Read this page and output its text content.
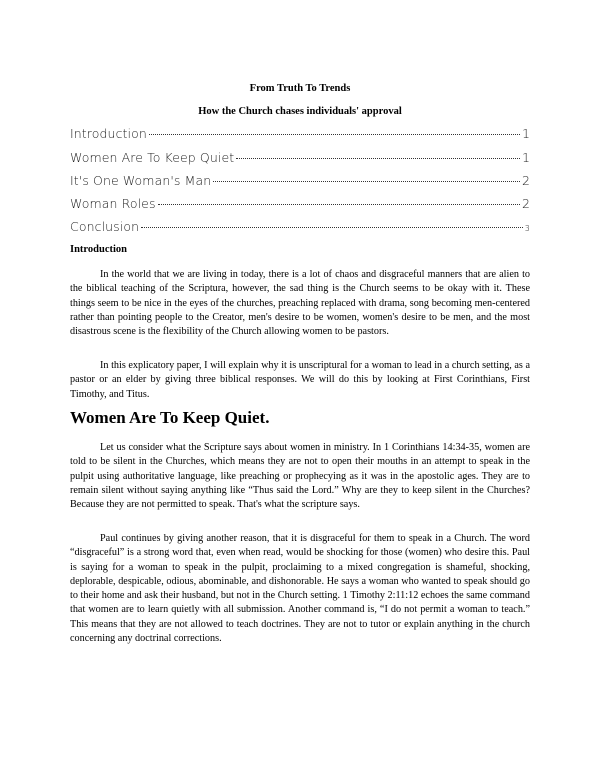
From Truth To Trends

How the Church chases individuals' approval

Introduction	1
Women Are To Keep Quiet	1
It's One Woman's Man	2
Woman Roles	2
Conclusion	3
Introduction

In the world that we are living in today, there is a lot of chaos and disgraceful manners that are alien to the biblical teaching of the Scriptura, however, the sad thing is the Church seems to be okay with it. These things seem to be nice in the eyes of the churches, preaching replaced with drama, song becoming men-centered rather than pointing people to the Creator, men's desire to be women, women's desire to be men, and the most disastrous scene is the flexibility of the Church allowing women to be pastors.

In this explicatory paper, I will explain why it is unscriptural for a woman to lead in a church setting, as a pastor or an elder by giving three biblical responses. We will do this by looking at First Corinthians, First Timothy, and Titus.

Women Are To Keep Quiet.

Let us consider what the Scripture says about women in ministry. In 1 Corinthians 14:34-35, women are told to be silent in the Churches, which means they are not to open their mouths in an attempt to speak in the pulpit using authoritative language, like preaching or prophecying as it was in the apostolic ages. They are to remain silent without saying anything like “Thus said the Lord.” Why are they to keep silent in the Churches? Because they are not permitted to speak. That's what the scripture says.

Paul continues by giving another reason, that it is disgraceful for them to speak in a Church. The word “disgraceful” is a strong word that, even when read, would be shocking for those (women) who desire this. Paul is saying for a woman to speak in the pulpit, proclaiming to a mixed congregation is shameful, shocking, deplorable, despicable, odious, abominable, and dishonorable. He says a woman who wanted to speak should go to their home and ask their husband, but not in the Church setting. 1 Timothy 2:11:12 echoes the same command that women are to learn quietly with all submission. Another command is, “I do not permit a woman to teach.” This means that they are not allowed to teach doctrines. They are not to tutor or explain anything in the church concerning any doctrinal corrections.
